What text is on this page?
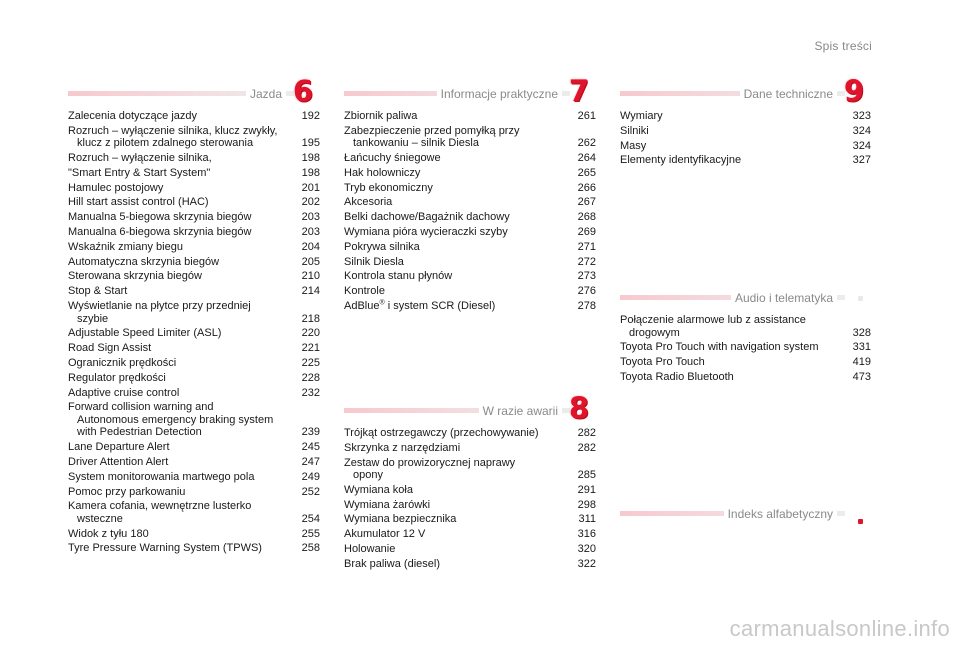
Spis treści
Jazda 6
Zalecenia dotyczące jazdy	192
Rozruch – wyłączenie silnika, klucz zwykły,
klucz z pilotem zdalnego sterowania	195
Rozruch – wyłączenie silnika,	198
"Smart Entry & Start System"	198
Hamulec postojowy	201
Hill start assist control (HAC)	202
Manualna 5-biegowa skrzynia biegów	203
Manualna 6-biegowa skrzynia biegów	203
Wskaźnik zmiany biegu	204
Automatyczna skrzynia biegów	205
Sterowana skrzynia biegów	210
Stop & Start	214
Wyświetlanie na płytce przy przedniej
szybie	218
Adjustable Speed Limiter (ASL)	220
Road Sign Assist	221
Ogranicznik prędkości	225
Regulator prędkości	228
Adaptive cruise control	232
Forward collision warning and
Autonomous emergency braking system
with Pedestrian Detection	239
Lane Departure Alert	245
Driver Attention Alert	247
System monitorowania martwego pola	249
Pomoc przy parkowaniu	252
Kamera cofania, wewnętrzne lusterko
wsteczne	254
Widok z tyłu 180	255
Tyre Pressure Warning System (TPWS)	258
Informacje praktyczne 7
Zbiornik paliwa	261
Zabezpieczenie przed pomyłką przy
tankowaniu – silnik Diesla	262
Łańcuchy śniegowe	264
Hak holowniczy	265
Tryb ekonomiczny	266
Akcesoria	267
Belki dachowe/Bagażnik dachowy	268
Wymiana pióra wycieraczki szyby	269
Pokrywa silnika	271
Silnik Diesla	272
Kontrola stanu płynów	273
Kontrole	276
AdBlue® i system SCR (Diesel)	278
W razie awarii 8
Trójkąt ostrzegawczy (przechowywanie)	282
Skrzynka z narzędziami	282
Zestaw do prowizorycznej naprawy
opony	285
Wymiana koła	291
Wymiana żarówki	298
Wymiana bezpiecznika	311
Akumulator 12 V	316
Holowanie	320
Brak paliwa (diesel)	322
Dane techniczne 9
Wymiary	323
Silniki	324
Masy	324
Elementy identyfikacyjne	327
Audio i telematyka
Połączenie alarmowe lub z assistance
drogowym	328
Toyota Pro Touch with navigation system	331
Toyota Pro Touch	419
Toyota Radio Bluetooth	473
Indeks alfabetyczny
carmanualsonline.info
